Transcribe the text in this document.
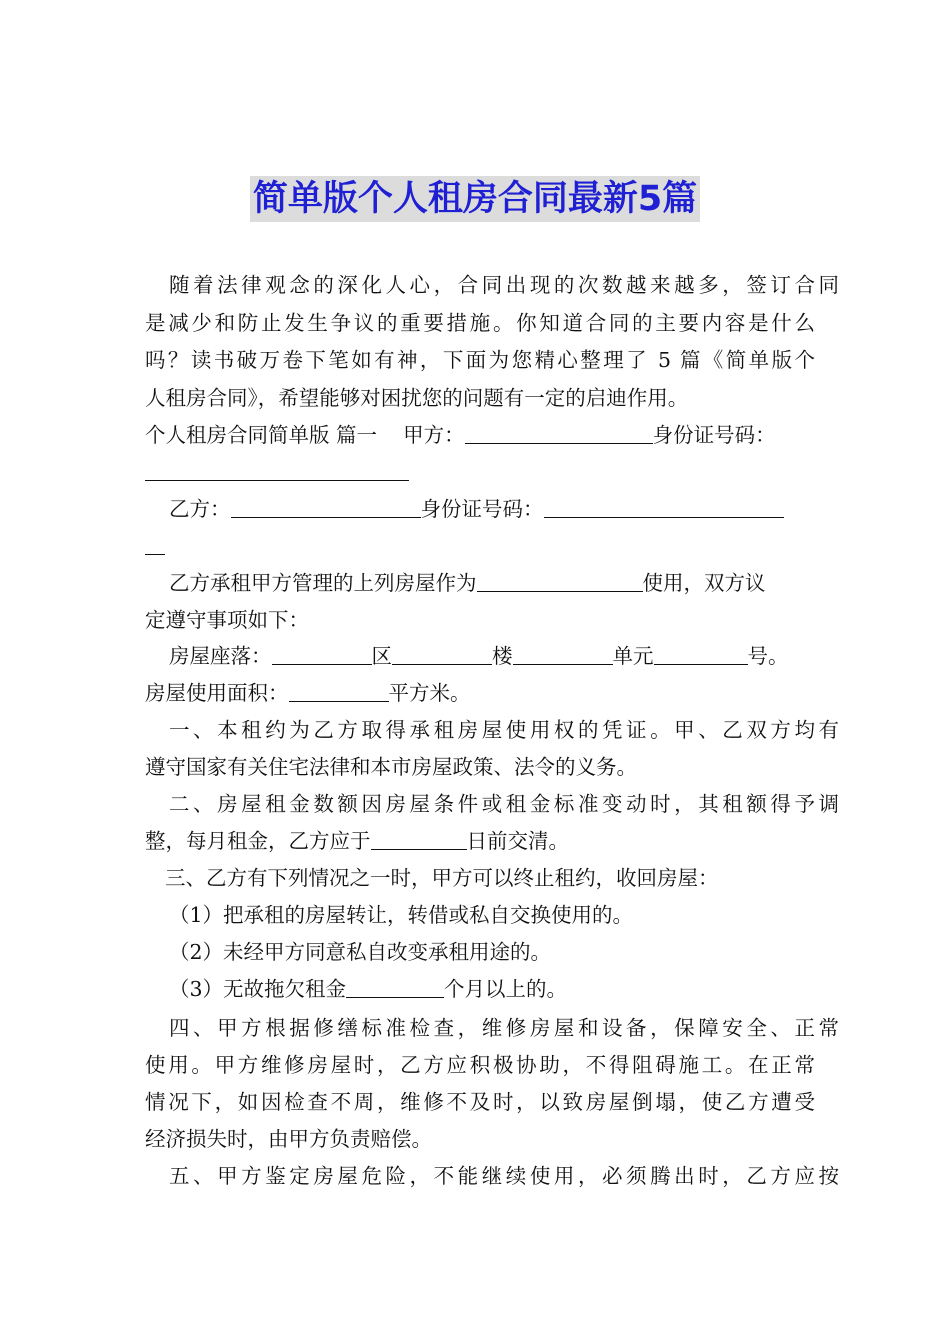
简单版个人租房合同最新5篇
随着法律观念的深化人心，合同出现的次数越来越多，签订合同
是减少和防止发生争议的重要措施。你知道合同的主要内容是什么
吗？读书破万卷下笔如有神，下面为您精心整理了 5 篇《简单版个
人租房合同》，希望能够对困扰您的问题有一定的启迪作用。
个人租房合同简单版 篇一 甲方：	身份证号码：
乙方：	身份证号码：
乙方承租甲方管理的上列房屋作为	使用，双方议
定遵守事项如下：
房屋座落：	区	楼	单元	号。
房屋使用面积：	平方米。
一、本租约为乙方取得承租房屋使用权的凭证。甲、乙双方均有
遵守国家有关住宅法律和本市房屋政策、法令的义务。
二、房屋租金数额因房屋条件或租金标准变动时，其租额得予调
整，每月租金，乙方应于	日前交清。
三、乙方有下列情况之一时，甲方可以终止租约，收回房屋：
（1）把承租的房屋转让，转借或私自交换使用的。
（2）未经甲方同意私自改变承租用途的。
（3）无故拖欠租金	个月以上的。
四、甲方根据修缮标准检查，维修房屋和设备，保障安全、正常
使用。甲方维修房屋时，乙方应积极协助，不得阻碍施工。在正常
情况下，如因检查不周，维修不及时，以致房屋倒塌，使乙方遭受
经济损失时，由甲方负责赔偿。
五、甲方鉴定房屋危险，不能继续使用，必须腾出时，乙方应按
